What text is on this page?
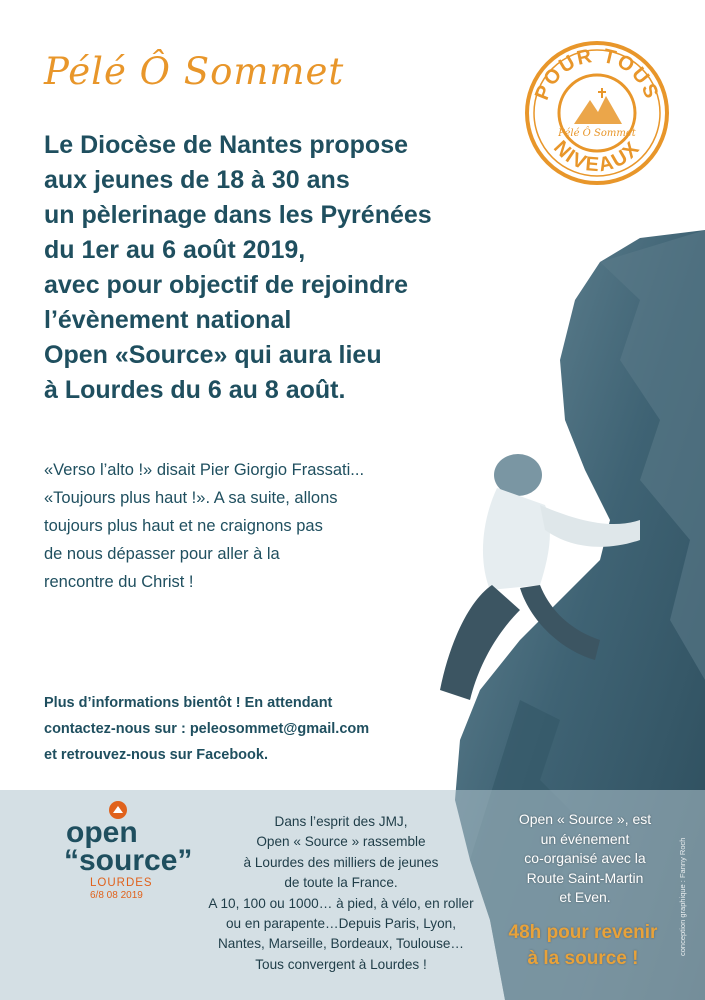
Pélé Ô Sommet	POUR TOUS
NIVEAUX
Pélé Ô Sommet
Le Diocèse de Nantes propose
aux jeunes de 18 à 30 ans
un pèlerinage dans les Pyrénées
du 1er au 6 août 2019,
avec pour objectif de rejoindre
l’évènement national
Open «Source» qui aura lieu
à Lourdes du 6 au 8 août.
«Verso l’alto !» disait Pier Giorgio Frassati...
«Toujours plus haut !». A sa suite, allons
toujours plus haut et ne craignons pas
de nous dépasser pour aller à la
rencontre du Christ !
Plus d’informations bientôt ! En attendant
contactez-nous sur : peleosommet@gmail.com
et retrouvez-nous sur Facebook.
open
“source”
LOURDES
6/8 08 2019
Dans l’esprit des JMJ,
Open « Source » rassemble
à Lourdes des milliers de jeunes
de toute la France.
A 10, 100 ou 1000… à pied, à vélo, en roller
ou en parapente…Depuis Paris, Lyon,
Nantes, Marseille, Bordeaux, Toulouse…
Tous convergent à Lourdes !
Open « Source », est
un événement
co-organisé avec la
Route Saint-Martin
et Even.
48h pour revenir
à la source !
conception graphique : Fanny Roch
